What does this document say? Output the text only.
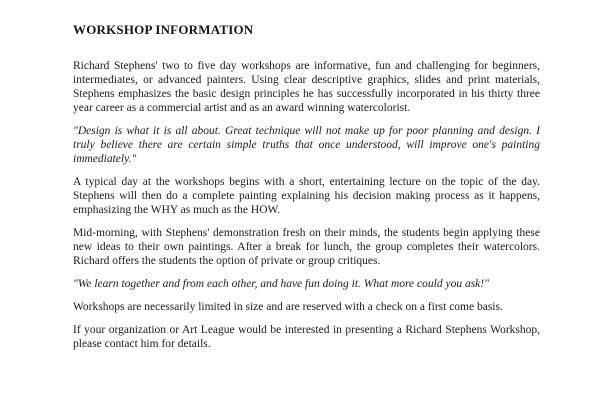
WORKSHOP INFORMATION

Richard Stephens' two to five day workshops are informative, fun and challenging for beginners, intermediates, or advanced painters. Using clear descriptive graphics, slides and print materials, Stephens emphasizes the basic design principles he has successfully incorporated in his thirty three year career as a commercial artist and as an award winning watercolorist.

"Design is what it is all about. Great technique will not make up for poor planning and design. I truly believe there are certain simple truths that once understood, will improve one's painting immediately."

A typical day at the workshops begins with a short, entertaining lecture on the topic of the day. Stephens will then do a complete painting explaining his decision making process as it happens, emphasizing the WHY as much as the HOW.

Mid-morning, with Stephens' demonstration fresh on their minds, the students begin applying these new ideas to their own paintings. After a break for lunch, the group completes their watercolors. Richard offers the students the option of private or group critiques.

"We learn together and from each other, and have fun doing it. What more could you ask!"

Workshops are necessarily limited in size and are reserved with a check on a first come basis.

If your organization or Art League would be interested in presenting a Richard Stephens Workshop, please contact him for details.
